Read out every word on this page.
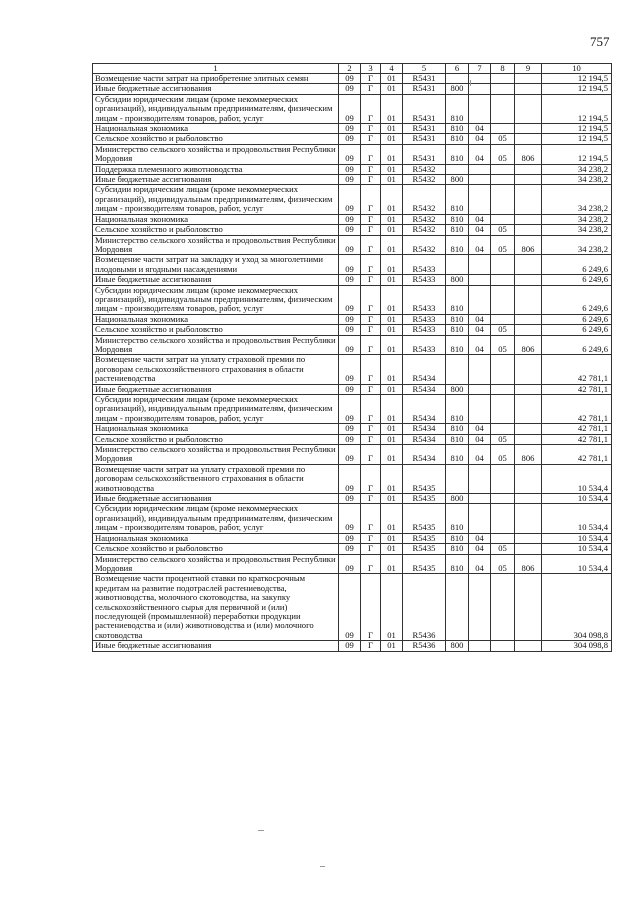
757
1	2	3	4	5	6	7	8	9	10
Возмещение части затрат на приобретение элитных семян	09	Г	01	R5431					12 194,5
Иные бюджетные ассигнования	09	Г	01	R5431	800				12 194,5
Субсидии юридическим лицам (кроме некоммерческих организаций), индивидуальным предпринимателям, физическим лицам - производителям товаров, работ, услуг	09	Г	01	R5431	810				12 194,5
Национальная экономика	09	Г	01	R5431	810	04			12 194,5
Сельское хозяйство и рыболовство	09	Г	01	R5431	810	04	05		12 194,5
Министерство сельского хозяйства и продовольствия Республики Мордовия	09	Г	01	R5431	810	04	05	806	12 194,5
Поддержка племенного животноводства	09	Г	01	R5432					34 238,2
Иные бюджетные ассигнования	09	Г	01	R5432	800				34 238,2
Субсидии юридическим лицам (кроме некоммерческих организаций), индивидуальным предпринимателям, физическим лицам - производителям товаров, работ, услуг	09	Г	01	R5432	810				34 238,2
Национальная экономика	09	Г	01	R5432	810	04			34 238,2
Сельское хозяйство и рыболовство	09	Г	01	R5432	810	04	05		34 238,2
Министерство сельского хозяйства и продовольствия Республики Мордовия	09	Г	01	R5432	810	04	05	806	34 238,2
Возмещение части затрат на закладку и уход за многолетними плодовыми и ягодными насаждениями	09	Г	01	R5433					6 249,6
Иные бюджетные ассигнования	09	Г	01	R5433	800				6 249,6
Субсидии юридическим лицам (кроме некоммерческих организаций), индивидуальным предпринимателям, физическим лицам - производителям товаров, работ, услуг	09	Г	01	R5433	810				6 249,6
Национальная экономика	09	Г	01	R5433	810	04			6 249,6
Сельское хозяйство и рыболовство	09	Г	01	R5433	810	04	05		6 249,6
Министерство сельского хозяйства и продовольствия Республики Мордовия	09	Г	01	R5433	810	04	05	806	6 249,6
Возмещение части затрат на уплату страховой премии по договорам сельскохозяйственного страхования в области растениеводства	09	Г	01	R5434					42 781,1
Иные бюджетные ассигнования	09	Г	01	R5434	800				42 781,1
Субсидии юридическим лицам (кроме некоммерческих организаций), индивидуальным предпринимателям, физическим лицам - производителям товаров, работ, услуг	09	Г	01	R5434	810				42 781,1
Национальная экономика	09	Г	01	R5434	810	04			42 781,1
Сельское хозяйство и рыболовство	09	Г	01	R5434	810	04	05		42 781,1
Министерство сельского хозяйства и продовольствия Республики Мордовия	09	Г	01	R5434	810	04	05	806	42 781,1
Возмещение части затрат на уплату страховой премии по договорам сельскохозяйственного страхования в области животноводства	09	Г	01	R5435					10 534,4
Иные бюджетные ассигнования	09	Г	01	R5435	800				10 534,4
Субсидии юридическим лицам (кроме некоммерческих организаций), индивидуальным предпринимателям, физическим лицам - производителям товаров, работ, услуг	09	Г	01	R5435	810				10 534,4
Национальная экономика	09	Г	01	R5435	810	04			10 534,4
Сельское хозяйство и рыболовство	09	Г	01	R5435	810	04	05		10 534,4
Министерство сельского хозяйства и продовольствия Республики Мордовия	09	Г	01	R5435	810	04	05	806	10 534,4
Возмещение части процентной ставки по краткосрочным кредитам на развитие подотраслей растениеводства, животноводства, молочного скотоводства, на закупку сельскохозяйственного сырья для первичной и (или) последующей (промышленной) переработки продукции растениеводства и (или) животноводства и (или) молочного скотоводства	09	Г	01	R5436					304 098,8
Иные бюджетные ассигнования	09	Г	01	R5436	800				304 098,8
